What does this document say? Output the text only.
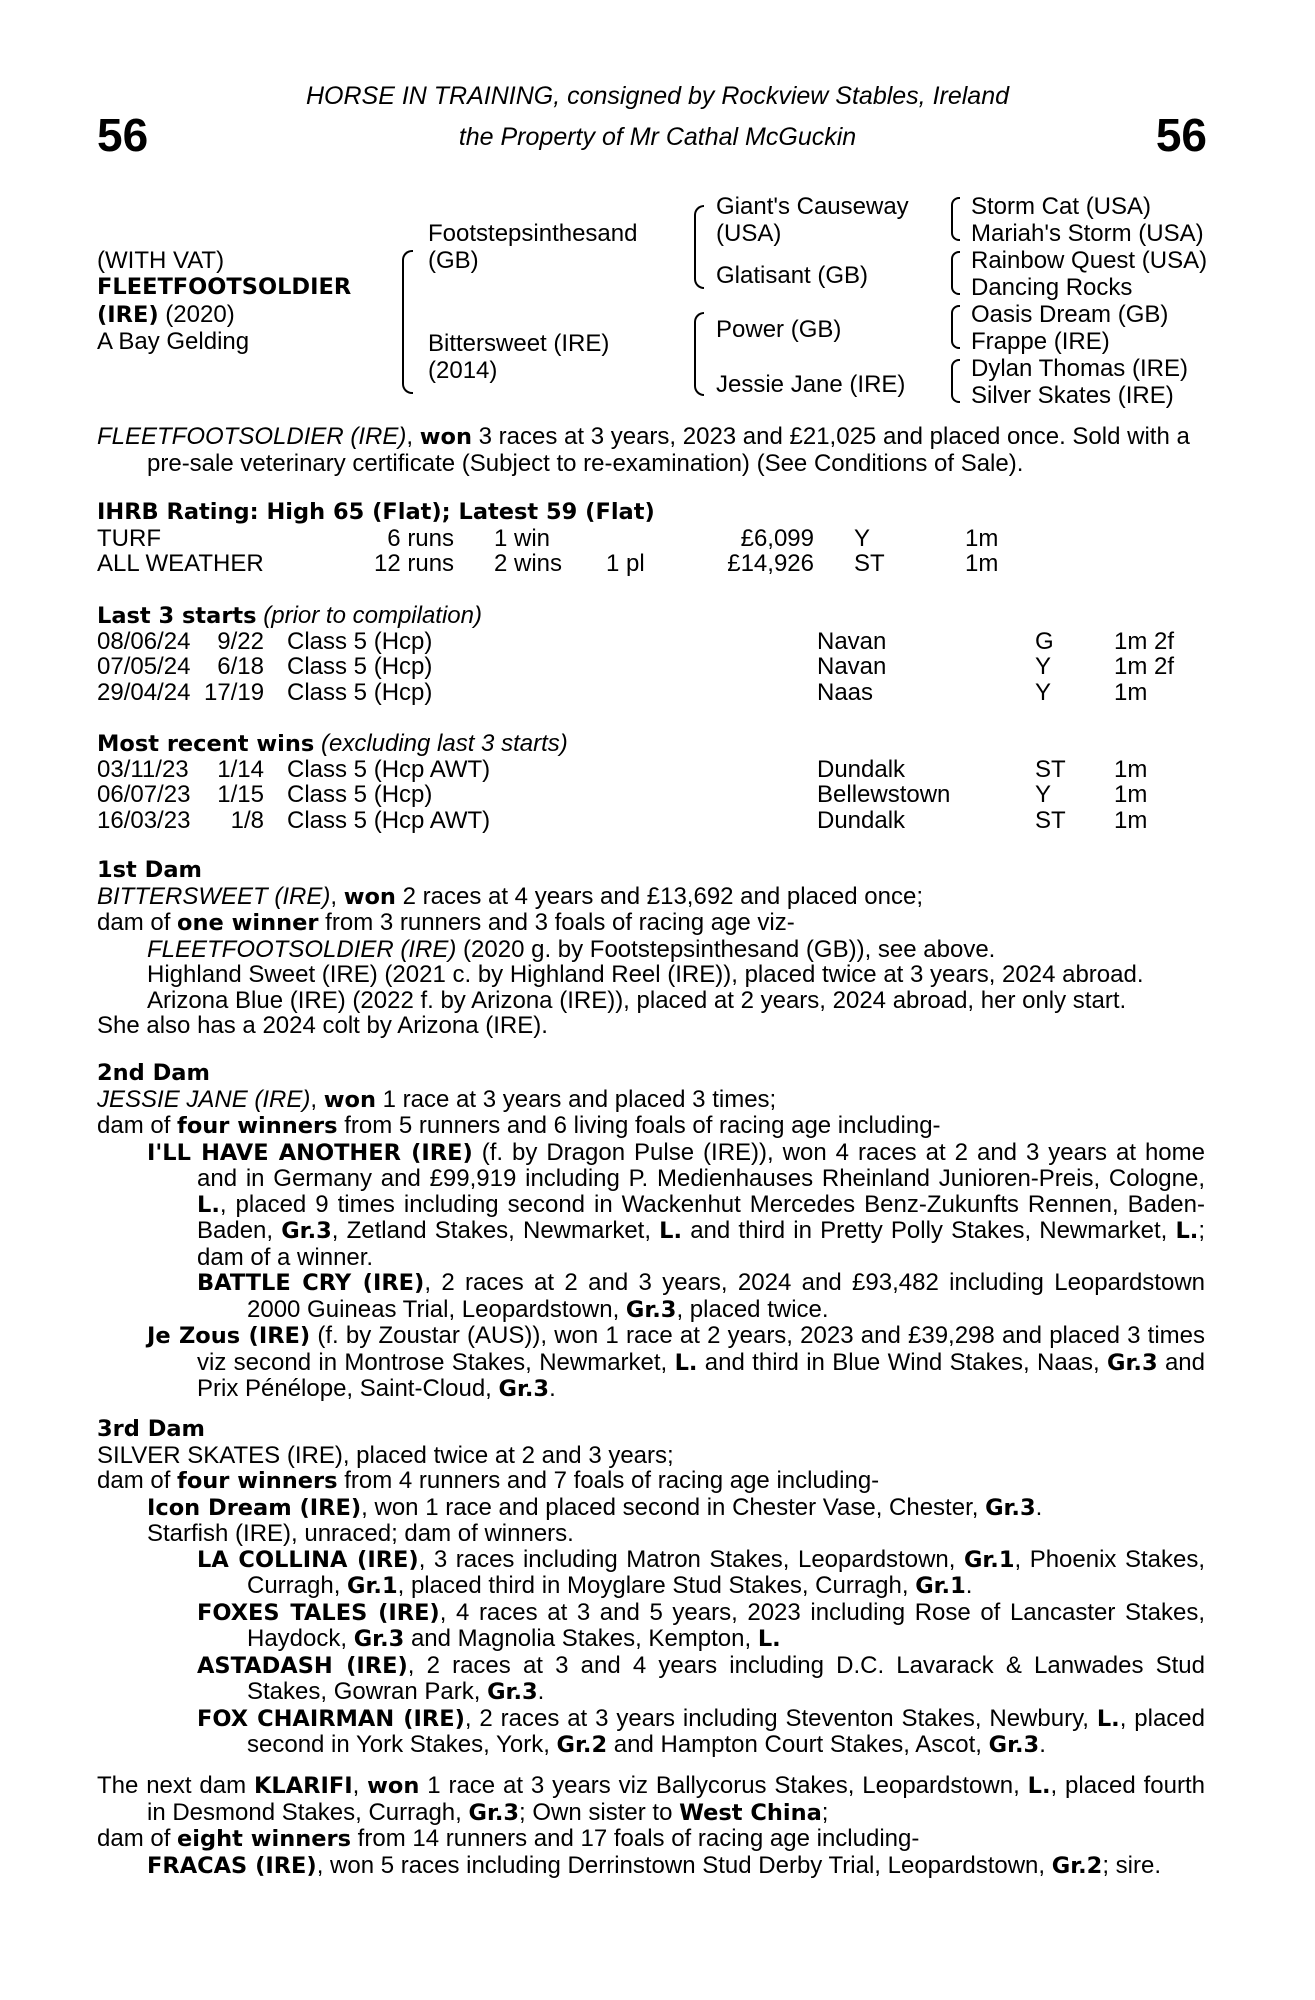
56	56
HORSE IN TRAINING, consigned by Rockview Stables, Ireland
the Property of Mr Cathal McGuckin
(WITH VAT)
FLEETFOOTSOLDIER
(IRE) (2020)
A Bay Gelding
Footstepsinthesand
(GB)
Bittersweet (IRE)
(2014)
Giant's Causeway
(USA)
Glatisant (GB)
Power (GB)
Jessie Jane (IRE)
Storm Cat (USA)
Mariah's Storm (USA)
Rainbow Quest (USA)
Dancing Rocks
Oasis Dream (GB)
Frappe (IRE)
Dylan Thomas (IRE)
Silver Skates (IRE)

FLEETFOOTSOLDIER (IRE), won 3 races at 3 years, 2023 and £21,025 and placed once. Sold with a pre-sale veterinary certificate (Subject to re-examination) (See Conditions of Sale).

IHRB Rating: High 65 (Flat); Latest 59 (Flat)
TURF	6 runs 1 win	£6,099 Y	1m
ALL WEATHER	12 runs 2 wins 1 pl	£14,926 ST	1m
Last 3 starts (prior to compilation)
08/06/24	9/22 Class 5 (Hcp)	Navan	G	1m 2f
07/05/24	6/18 Class 5 (Hcp)	Navan	Y	1m 2f
29/04/24 17/19 Class 5 (Hcp)	Naas	Y	1m
Most recent wins (excluding last 3 starts)
03/11/23	1/14 Class 5 (Hcp AWT)	Dundalk	ST 1m
06/07/23	1/15 Class 5 (Hcp)	Bellewstown	Y	1m
16/03/23	1/8 Class 5 (Hcp AWT)	Dundalk	ST 1m
1st Dam

BITTERSWEET (IRE), won 2 races at 4 years and £13,692 and placed once;

dam of one winner from 3 runners and 3 foals of racing age viz-

FLEETFOOTSOLDIER (IRE) (2020 g. by Footstepsinthesand (GB)), see above.

Highland Sweet (IRE) (2021 c. by Highland Reel (IRE)), placed twice at 3 years, 2024 abroad.

Arizona Blue (IRE) (2022 f. by Arizona (IRE)), placed at 2 years, 2024 abroad, her only start.

She also has a 2024 colt by Arizona (IRE).

2nd Dam

JESSIE JANE (IRE), won 1 race at 3 years and placed 3 times;

dam of four winners from 5 runners and 6 living foals of racing age including-

I'LL HAVE ANOTHER (IRE) (f. by Dragon Pulse (IRE)), won 4 races at 2 and 3 years at home and in Germany and £99,919 including P. Medienhauses Rheinland Junioren-Preis, Cologne, L., placed 9 times including second in Wackenhut Mercedes Benz-Zukunfts Rennen, Baden-Baden, Gr.3, Zetland Stakes, Newmarket, L. and third in Pretty Polly Stakes, Newmarket, L.; dam of a winner.

BATTLE CRY (IRE), 2 races at 2 and 3 years, 2024 and £93,482 including Leopardstown 2000 Guineas Trial, Leopardstown, Gr.3, placed twice.

Je Zous (IRE) (f. by Zoustar (AUS)), won 1 race at 2 years, 2023 and £39,298 and placed 3 times viz second in Montrose Stakes, Newmarket, L. and third in Blue Wind Stakes, Naas, Gr.3 and Prix Pénélope, Saint-Cloud, Gr.3.

3rd Dam

SILVER SKATES (IRE), placed twice at 2 and 3 years;

dam of four winners from 4 runners and 7 foals of racing age including-

Icon Dream (IRE), won 1 race and placed second in Chester Vase, Chester, Gr.3.

Starfish (IRE), unraced; dam of winners.

LA COLLINA (IRE), 3 races including Matron Stakes, Leopardstown, Gr.1, Phoenix Stakes, Curragh, Gr.1, placed third in Moyglare Stud Stakes, Curragh, Gr.1.

FOXES TALES (IRE), 4 races at 3 and 5 years, 2023 including Rose of Lancaster Stakes, Haydock, Gr.3 and Magnolia Stakes, Kempton, L.

ASTADASH (IRE), 2 races at 3 and 4 years including D.C. Lavarack & Lanwades Stud Stakes, Gowran Park, Gr.3.

FOX CHAIRMAN (IRE), 2 races at 3 years including Steventon Stakes, Newbury, L., placed second in York Stakes, York, Gr.2 and Hampton Court Stakes, Ascot, Gr.3.

The next dam KLARIFI, won 1 race at 3 years viz Ballycorus Stakes, Leopardstown, L., placed fourth in Desmond Stakes, Curragh, Gr.3; Own sister to West China;

dam of eight winners from 14 runners and 17 foals of racing age including-

FRACAS (IRE), won 5 races including Derrinstown Stud Derby Trial, Leopardstown, Gr.2; sire.
